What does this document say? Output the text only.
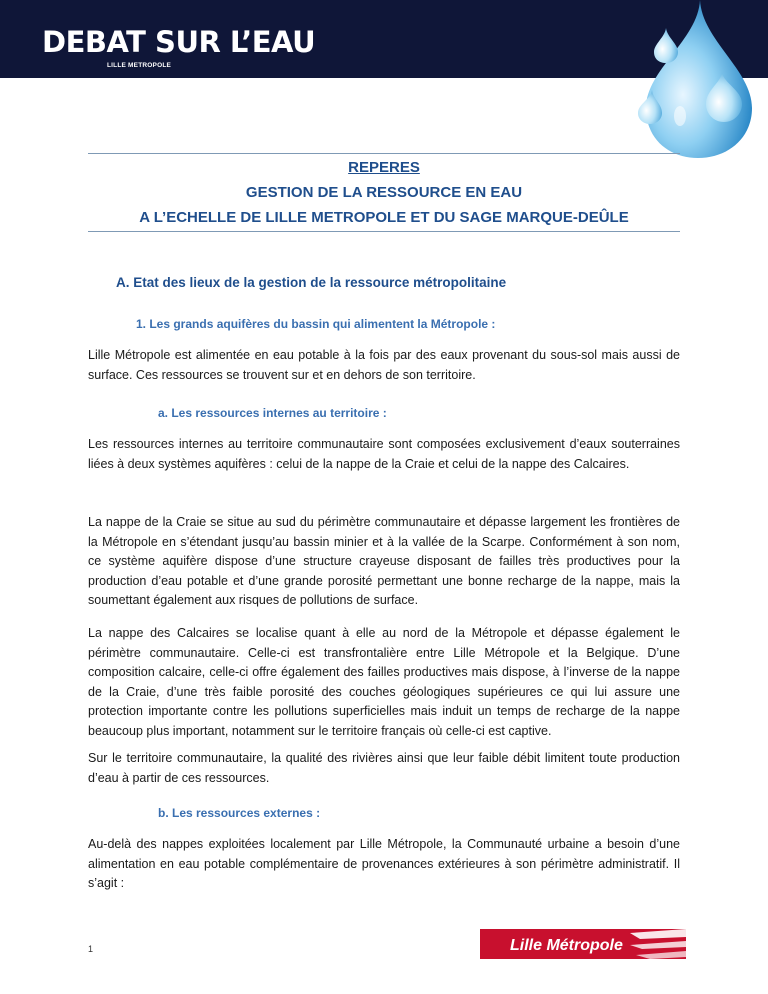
DEBAT SUR L’EAU
LILLE METROPOLE
REPERES
GESTION DE LA RESSOURCE EN EAU
A L’ECHELLE DE LILLE METROPOLE ET DU SAGE MARQUE-DEÛLE
A. Etat des lieux de la gestion de la ressource métropolitaine
1. Les grands aquifères du bassin qui alimentent la Métropole :
Lille Métropole est alimentée en eau potable à la fois par des eaux provenant du sous-sol mais aussi de surface. Ces ressources se trouvent sur et en dehors de son territoire.
a. Les ressources internes au territoire :
Les ressources internes au territoire communautaire sont composées exclusivement d’eaux souterraines liées à deux systèmes aquifères : celui de la nappe de la Craie et celui de la nappe des Calcaires.
La nappe de la Craie se situe au sud du périmètre communautaire et dépasse largement les frontières de la Métropole en s’étendant jusqu’au bassin minier et à la vallée de la Scarpe. Conformément à son nom, ce système aquifère dispose d’une structure crayeuse disposant de failles très productives pour la production d’eau potable et d’une grande porosité permettant une bonne recharge de la nappe, mais la soumettant également aux risques de pollutions de surface.
La nappe des Calcaires se localise quant à elle au nord de la Métropole et dépasse également le périmètre communautaire. Celle-ci est transfrontalière entre Lille Métropole et la Belgique. D’une composition calcaire, celle-ci offre également des failles productives mais dispose, à l’inverse de la nappe de la Craie, d’une très faible porosité des couches géologiques supérieures ce qui lui assure une protection importante contre les pollutions superficielles mais induit un temps de recharge de la nappe beaucoup plus important, notamment sur le territoire français où celle-ci est captive.
Sur le territoire communautaire, la qualité des rivières ainsi que leur faible débit limitent toute production d’eau à partir de ces ressources.
b. Les ressources externes :
Au-delà des nappes exploitées localement par Lille Métropole, la Communauté urbaine a besoin d’une alimentation en eau potable complémentaire de provenances extérieures à son périmètre administratif. Il s’agit :
1	Lille Métropole
